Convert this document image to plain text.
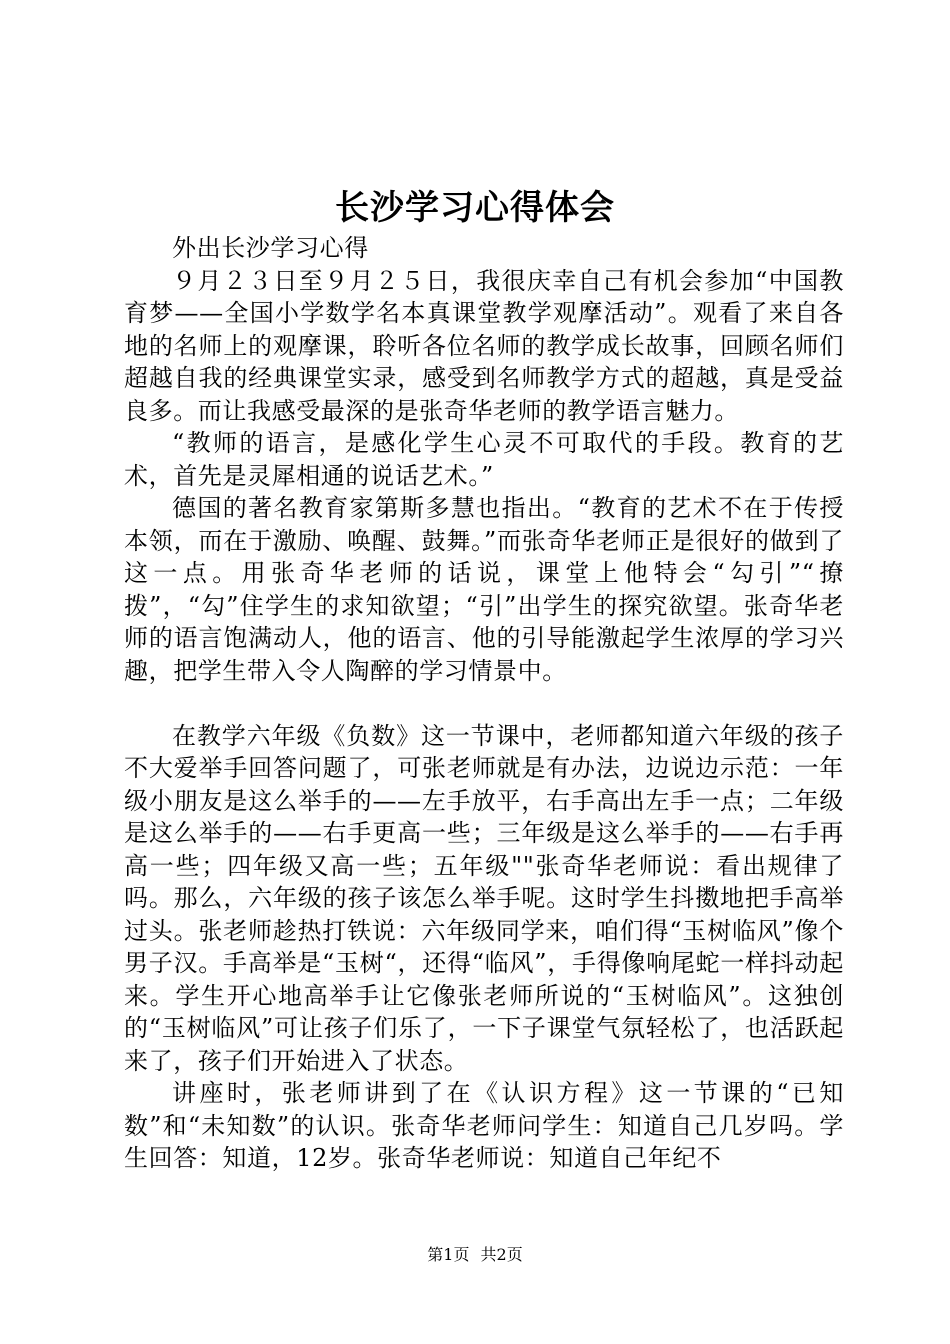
长沙学习心得体会

外出长沙学习心得

９月２３日至９月２５日，我很庆幸自己有机会参加“中国教育梦——全国小学数学名本真课堂教学观摩活动”。观看了来自各地的名师上的观摩课，聆听各位名师的教学成长故事，回顾名师们超越自我的经典课堂实录，感受到名师教学方式的超越，真是受益良多。而让我感受最深的是张奇华老师的教学语言魅力。

“教师的语言，是感化学生心灵不可取代的手段。教育的艺术，首先是灵犀相通的说话艺术。”

德国的著名教育家第斯多慧也指出。“教育的艺术不在于传授本领，而在于激励、唤醒、鼓舞。”而张奇华老师正是很好的做到了这一点。用张奇华老师的话说，课堂上他特会“勾引”“撩拨”，“勾”住学生的求知欲望；“引”出学生的探究欲望。张奇华老师的语言饱满动人，他的语言、他的引导能激起学生浓厚的学习兴趣，把学生带入令人陶醉的学习情景中。

在教学六年级《负数》这一节课中，老师都知道六年级的孩子不大爱举手回答问题了，可张老师就是有办法，边说边示范：一年级小朋友是这么举手的——左手放平，右手高出左手一点；二年级是这么举手的——右手更高一些；三年级是这么举手的——右手再高一些；四年级又高一些；五年级""张奇华老师说：看出规律了吗。那么，六年级的孩子该怎么举手呢。这时学生抖擞地把手高举过头。张老师趁热打铁说：六年级同学来，咱们得“玉树临风”像个男子汉。手高举是“玉树“，还得“临风”，手得像响尾蛇一样抖动起来。学生开心地高举手让它像张老师所说的“玉树临风”。这独创的“玉树临风”可让孩子们乐了，一下子课堂气氛轻松了，也活跃起来了，孩子们开始进入了状态。

讲座时，张老师讲到了在《认识方程》这一节课的“已知数”和“未知数”的认识。张奇华老师问学生：知道自己几岁吗。学生回答：知道，12岁。张奇华老师说：知道自己年纪不

第1页 共2页
